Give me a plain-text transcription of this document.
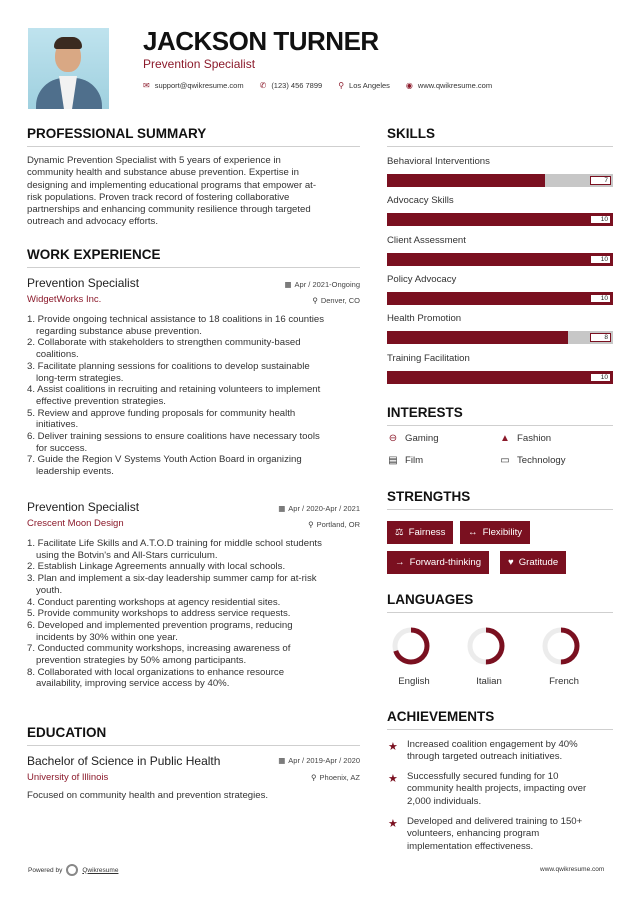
JACKSON TURNER
Prevention Specialist
✉ support@qwikresume.com ✆ (123) 456 7899 ⚲ Los Angeles ◉ www.qwikresume.com
PROFESSIONAL SUMMARY
Dynamic Prevention Specialist with 5 years of experience in
community health and substance abuse prevention. Expertise in
designing and implementing educational programs that empower at-
risk populations. Proven track record of fostering collaborative
partnerships and enhancing community resilience through targeted
outreach and advocacy efforts.
WORK EXPERIENCE
Prevention Specialist	▦ Apr / 2021-Ongoing
WidgetWorks Inc.	⚲ Denver, CO
1. Provide ongoing technical assistance to 18 coalitions in 16 counties
regarding substance abuse prevention.
2. Collaborate with stakeholders to strengthen community-based
coalitions.
3. Facilitate planning sessions for coalitions to develop sustainable
long-term strategies.
4. Assist coalitions in recruiting and retaining volunteers to implement
effective prevention strategies.
5. Review and approve funding proposals for community health
initiatives.
6. Deliver training sessions to ensure coalitions have necessary tools
for success.
7. Guide the Region V Systems Youth Action Board in organizing
leadership events.
Prevention Specialist	▦ Apr / 2020-Apr / 2021
Crescent Moon Design	⚲ Portland, OR
1. Facilitate Life Skills and A.T.O.D training for middle school students
using the Botvin's and All-Stars curriculum.
2. Establish Linkage Agreements annually with local schools.
3. Plan and implement a six-day leadership summer camp for at-risk
youth.
4. Conduct parenting workshops at agency residential sites.
5. Provide community workshops to address service requests.
6. Developed and implemented prevention programs, reducing
incidents by 30% within one year.
7. Conducted community workshops, increasing awareness of
prevention strategies by 50% among participants.
8. Collaborated with local organizations to enhance resource
availability, improving service access by 40%.
EDUCATION
Bachelor of Science in Public Health	▦ Apr / 2019-Apr / 2020
University of Illinois	⚲ Phoenix, AZ
Focused on community health and prevention strategies.
SKILLS
Behavioral Interventions
7
Advocacy Skills
10
Client Assessment
10
Policy Advocacy
10
Health Promotion
8
Training Facilitation
10
INTERESTS
⊖ Gaming	▲ Fashion
▤ Film	▭ Technology
STRENGTHS
⚖ Fairness ↔ Flexibility
→ Forward-thinking	♥ Gratitude
LANGUAGES
English	Italian	French
ACHIEVEMENTS
★ Increased coalition engagement by 40%
through targeted outreach initiatives.
★ Successfully secured funding for 10
community health projects, impacting over
2,000 individuals.
★ Developed and delivered training to 150+
volunteers, enhancing program
implementation effectiveness.
Powered by	Qwikresume	www.qwikresume.com
